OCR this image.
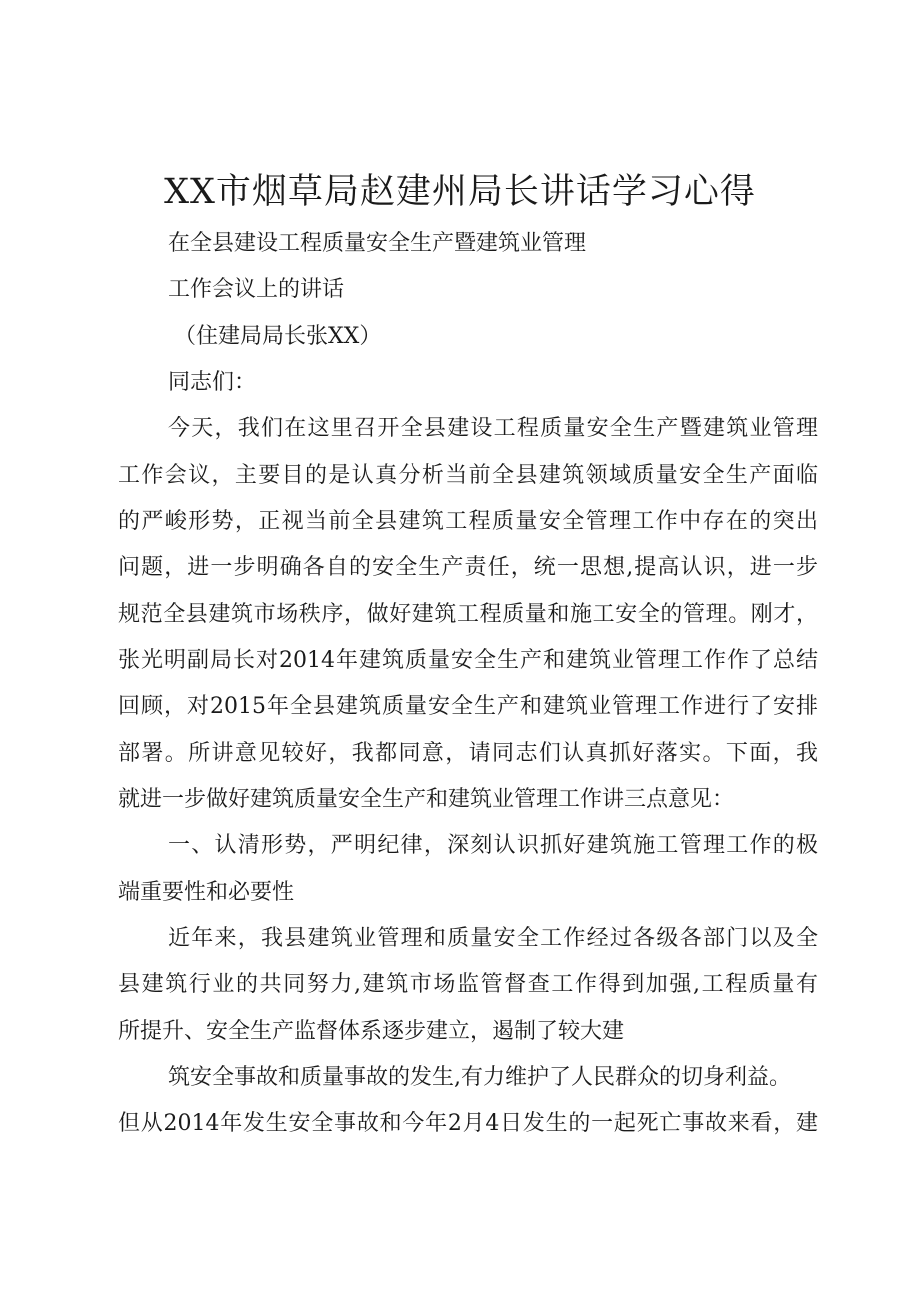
XX市烟草局赵建州局长讲话学习心得

在全县建设工程质量安全生产暨建筑业管理

工作会议上的讲话

（住建局局长张XX）

同志们：

今天，我们在这里召开全县建设工程质量安全生产暨建筑业管理

工作会议，主要目的是认真分析当前全县建筑领域质量安全生产面临

的严峻形势，正视当前全县建筑工程质量安全管理工作中存在的突出

问题，进一步明确各自的安全生产责任，统一思想,提高认识，进一步

规范全县建筑市场秩序，做好建筑工程质量和施工安全的管理。刚才，

张光明副局长对2014年建筑质量安全生产和建筑业管理工作作了总结

回顾，对2015年全县建筑质量安全生产和建筑业管理工作进行了安排

部署。所讲意见较好，我都同意，请同志们认真抓好落实。下面，我

就进一步做好建筑质量安全生产和建筑业管理工作讲三点意见：

一、认清形势，严明纪律，深刻认识抓好建筑施工管理工作的极

端重要性和必要性

近年来，我县建筑业管理和质量安全工作经过各级各部门以及全

县建筑行业的共同努力,建筑市场监管督查工作得到加强,工程质量有

所提升、安全生产监督体系逐步建立，遏制了较大建

筑安全事故和质量事故的发生,有力维护了人民群众的切身利益。

但从2014年发生安全事故和今年2月4日发生的一起死亡事故来看，建
